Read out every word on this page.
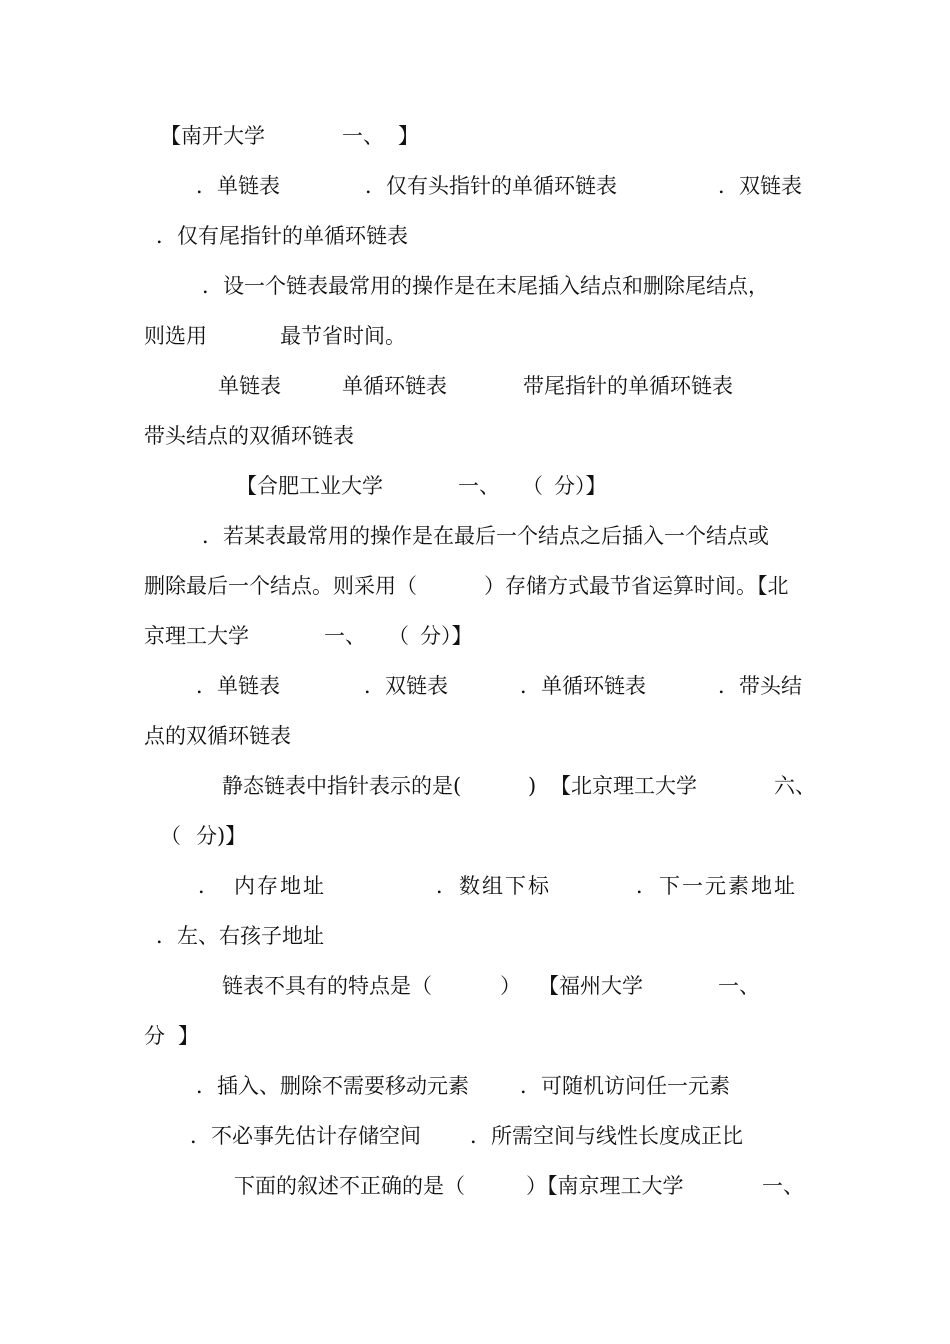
【南开大学

	一、

】

．单链表

	．仅有头指针的单循环链表

	．双链表

．仅有尾指针的单循环链表

．设一个链表最常用的操作是在末尾插入结点和删除尾结点，

则选用

	最节省时间。

单链表

	单循环链表

	带尾指针的单循环链表

带头结点的双循环链表

【合肥工业大学

	一、

（

分）】

．若某表最常用的操作是在最后一个结点之后插入一个结点或

删除最后一个结点。则采用（

	）存储方式最节省运算时间。【北

京理工大学

	一、

（

分）】

．单链表

	．双链表

	．单循环链表

	．带头结

点的双循环链表

静态链表中指针表示的是(

	)

【北京理工大学

	六、

（

分)】

．

内存地址

	．数组下标

	．下一元素地址

．左、右孩子地址

链表不具有的特点是（

	）

【福州大学

	一、

分

】

．插入、删除不需要移动元素

．可随机访问任一元素

．不必事先估计存储空间

．所需空间与线性长度成正比

下面的叙述不正确的是（

	）【南京理工大学

	一、
